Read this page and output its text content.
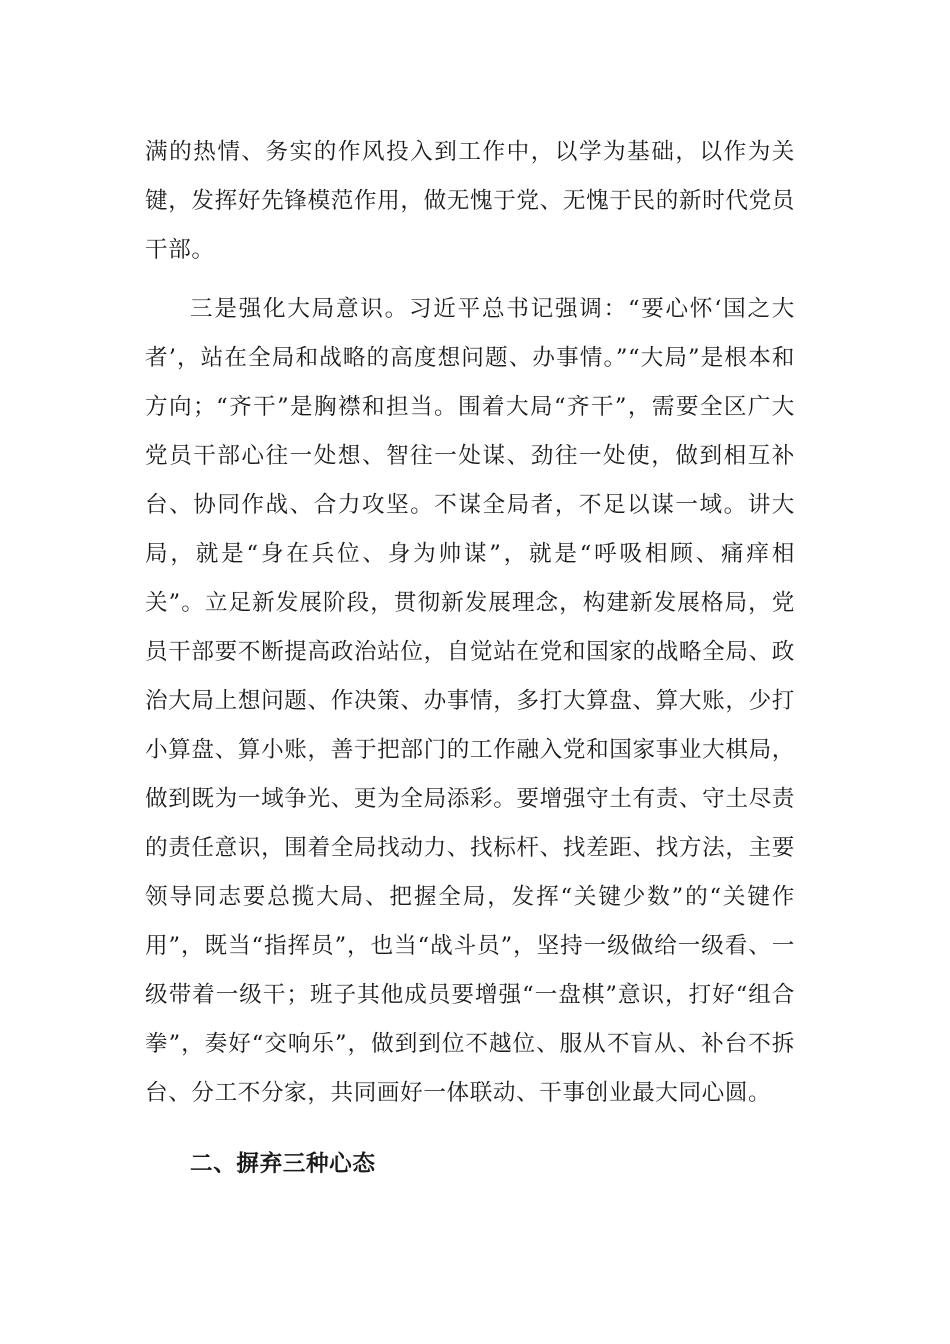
满的热情、务实的作风投入到工作中，以学为基础，以作为关键，发挥好先锋模范作用，做无愧于党、无愧于民的新时代党员干部。

三是强化大局意识。习近平总书记强调：“要心怀‘国之大者’，站在全局和战略的高度想问题、办事情。”“大局”是根本和方向；“齐干”是胸襟和担当。围着大局“齐干”，需要全区广大党员干部心往一处想、智往一处谋、劲往一处使，做到相互补台、协同作战、合力攻坚。不谋全局者，不足以谋一域。讲大局，就是“身在兵位、身为帅谋”，就是“呼吸相顾、痛痒相关”。立足新发展阶段，贯彻新发展理念，构建新发展格局，党员干部要不断提高政治站位，自觉站在党和国家的战略全局、政治大局上想问题、作决策、办事情，多打大算盘、算大账，少打小算盘、算小账，善于把部门的工作融入党和国家事业大棋局，做到既为一域争光、更为全局添彩。要增强守土有责、守土尽责的责任意识，围着全局找动力、找标杆、找差距、找方法，主要领导同志要总揽大局、把握全局，发挥“关键少数”的“关键作用”，既当“指挥员”，也当“战斗员”，坚持一级做给一级看、一级带着一级干；班子其他成员要增强“一盘棋”意识，打好“组合拳”，奏好“交响乐”，做到到位不越位、服从不盲从、补台不拆台、分工不分家，共同画好一体联动、干事创业最大同心圆。

二、摒弃三种心态
